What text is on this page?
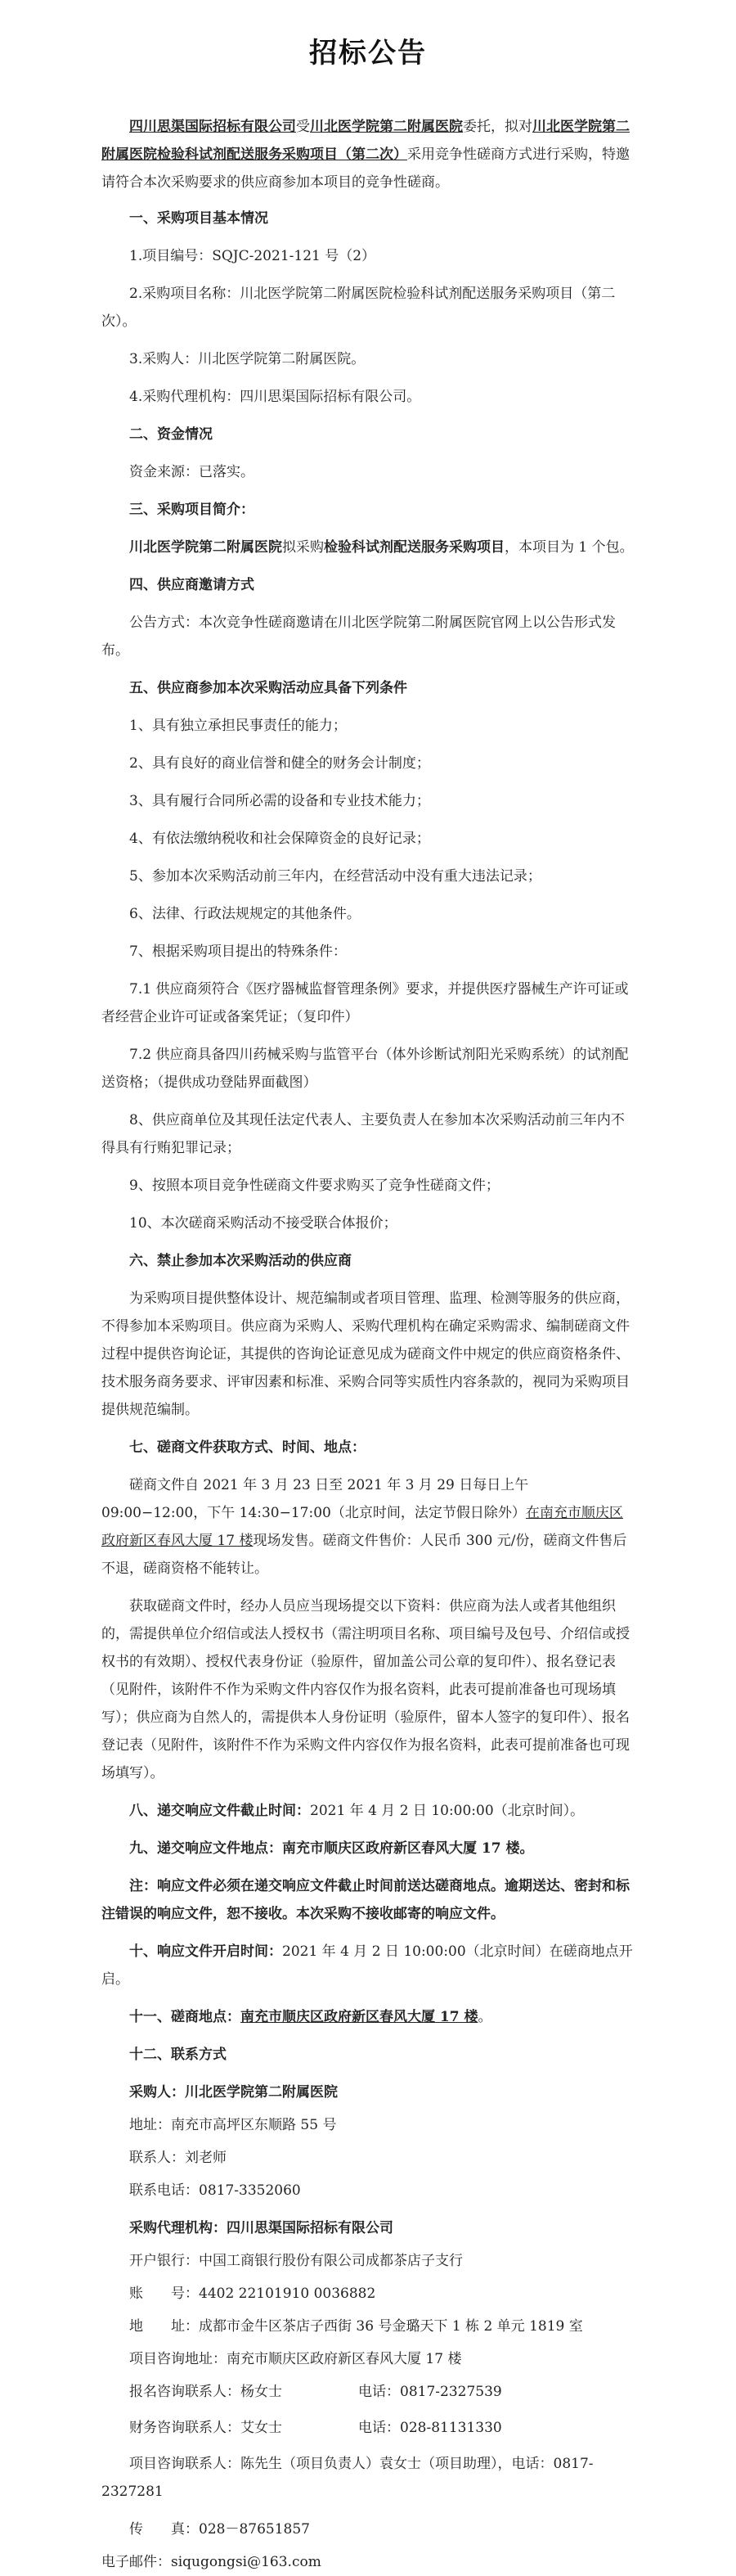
招标公告
四川思渠国际招标有限公司受川北医学院第二附属医院委托，拟对川北医学院第二附属医院检验科试剂配送服务采购项目（第二次）采用竞争性磋商方式进行采购，特邀请符合本次采购要求的供应商参加本项目的竞争性磋商。
一、采购项目基本情况
1.项目编号：SQJC-2021-121 号（2）
2.采购项目名称：川北医学院第二附属医院检验科试剂配送服务采购项目（第二次）。
3.采购人：川北医学院第二附属医院。
4.采购代理机构：四川思渠国际招标有限公司。
二、资金情况
资金来源：已落实。
三、采购项目简介：
川北医学院第二附属医院拟采购检验科试剂配送服务采购项目，本项目为 1 个包。
四、供应商邀请方式
公告方式：本次竞争性磋商邀请在川北医学院第二附属医院官网上以公告形式发布。
五、供应商参加本次采购活动应具备下列条件
1、具有独立承担民事责任的能力；
2、具有良好的商业信誉和健全的财务会计制度；
3、具有履行合同所必需的设备和专业技术能力；
4、有依法缴纳税收和社会保障资金的良好记录；
5、参加本次采购活动前三年内，在经营活动中没有重大违法记录；
6、法律、行政法规规定的其他条件。
7、根据采购项目提出的特殊条件：
7.1 供应商须符合《医疗器械监督管理条例》要求，并提供医疗器械生产许可证或者经营企业许可证或备案凭证；（复印件）
7.2 供应商具备四川药械采购与监管平台（体外诊断试剂阳光采购系统）的试剂配送资格；（提供成功登陆界面截图）
8、供应商单位及其现任法定代表人、主要负责人在参加本次采购活动前三年内不得具有行贿犯罪记录；
9、按照本项目竞争性磋商文件要求购买了竞争性磋商文件；
10、本次磋商采购活动不接受联合体报价；
六、禁止参加本次采购活动的供应商
为采购项目提供整体设计、规范编制或者项目管理、监理、检测等服务的供应商，不得参加本采购项目。供应商为采购人、采购代理机构在确定采购需求、编制磋商文件过程中提供咨询论证，其提供的咨询论证意见成为磋商文件中规定的供应商资格条件、技术服务商务要求、评审因素和标准、采购合同等实质性内容条款的，视同为采购项目提供规范编制。
七、磋商文件获取方式、时间、地点：
磋商文件自 2021 年 3 月 23 日至 2021 年 3 月 29 日每日上午 09:00−12:00，下午 14:30−17:00（北京时间，法定节假日除外）在南充市顺庆区政府新区春风大厦 17 楼现场发售。磋商文件售价：人民币 300 元/份，磋商文件售后不退，磋商资格不能转让。
获取磋商文件时，经办人员应当现场提交以下资料：供应商为法人或者其他组织的，需提供单位介绍信或法人授权书（需注明项目名称、项目编号及包号、介绍信或授权书的有效期）、授权代表身份证（验原件，留加盖公司公章的复印件）、报名登记表（见附件，该附件不作为采购文件内容仅作为报名资料，此表可提前准备也可现场填写）；供应商为自然人的，需提供本人身份证明（验原件，留本人签字的复印件）、报名登记表（见附件，该附件不作为采购文件内容仅作为报名资料，此表可提前准备也可现场填写）。
八、递交响应文件截止时间：2021 年 4 月 2 日 10:00:00（北京时间）。
九、递交响应文件地点：南充市顺庆区政府新区春风大厦 17 楼。
注：响应文件必须在递交响应文件截止时间前送达磋商地点。逾期送达、密封和标注错误的响应文件，恕不接收。本次采购不接收邮寄的响应文件。
十、响应文件开启时间：2021 年 4 月 2 日 10:00:00（北京时间）在磋商地点开启。
十一、磋商地点：南充市顺庆区政府新区春风大厦 17 楼。
十二、联系方式
采购人：川北医学院第二附属医院
地址：南充市高坪区东顺路 55 号
联系人：刘老师
联系电话：0817-3352060
采购代理机构：四川思渠国际招标有限公司
开户银行：中国工商银行股份有限公司成都茶店子支行
账　　号：4402 22101910 0036882
地　　址：成都市金牛区茶店子西街 36 号金璐天下 1 栋 2 单元 1819 室
项目咨询地址：南充市顺庆区政府新区春风大厦 17 楼
报名咨询联系人：杨女士	电话：0817-2327539
财务咨询联系人：艾女士	电话：028-81131330
项目咨询联系人：陈先生（项目负责人）袁女士（项目助理），电话：0817-2327281
传　　真：028－87651857
电子邮件：siqugongsi@163.com
